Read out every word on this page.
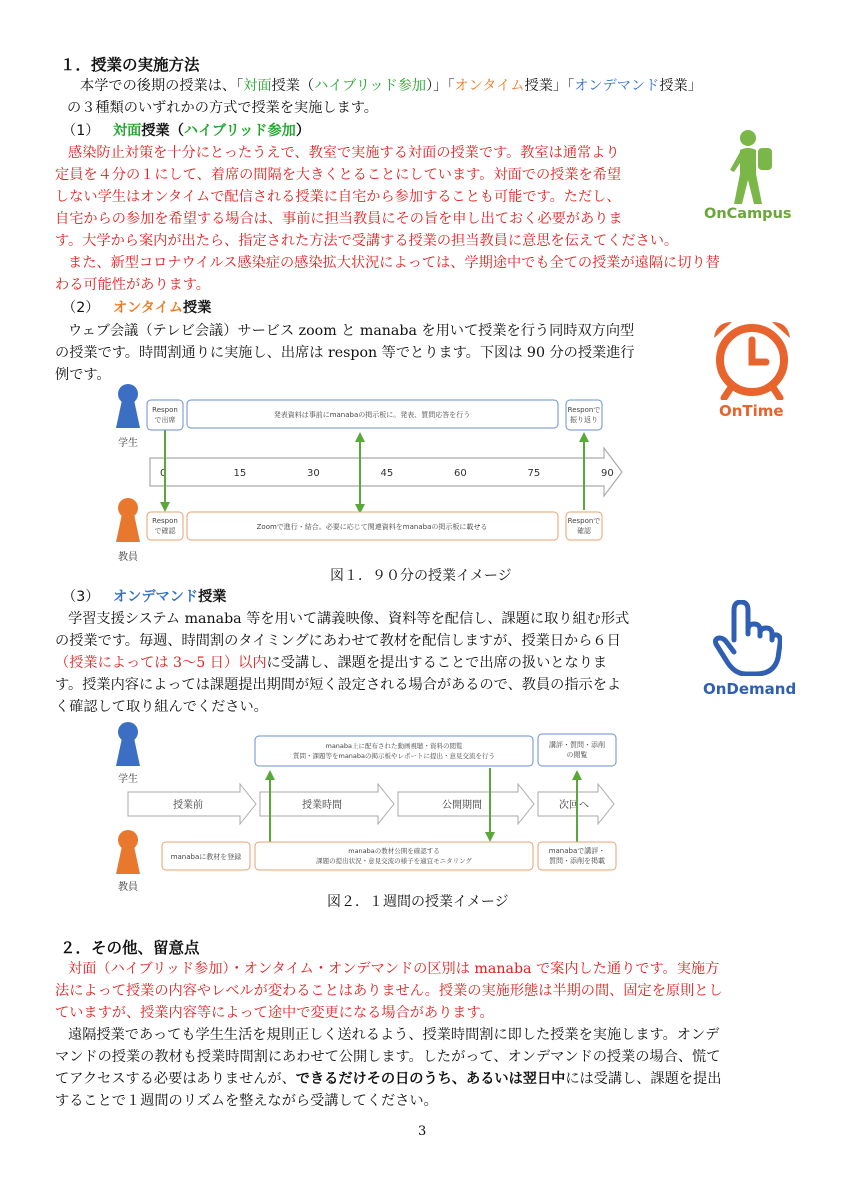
１．授業の実施方法
本学での後期の授業は、「対面授業（ハイブリッド参加）」「オンタイム授業」「オンデマンド授業」
の３種類のいずれかの方式で授業を実施します。
（1） 対面授業（ハイブリッド参加）
感染防止対策を十分にとったうえで、教室で実施する対面の授業です。教室は通常より
定員を４分の１にして、着席の間隔を大きくとることにしています。対面での授業を希望
しない学生はオンタイムで配信される授業に自宅から参加することも可能です。ただし、
自宅からの参加を希望する場合は、事前に担当教員にその旨を申し出ておく必要がありま
す。大学から案内が出たら、指定された方法で受講する授業の担当教員に意思を伝えてください。
また、新型コロナウイルス感染症の感染拡大状況によっては、学期途中でも全ての授業が遠隔に切り替
わる可能性があります。
OnCampus
（2） オンタイム授業
ウェブ会議（テレビ会議）サービス zoom と manaba を用いて授業を行う同時双方向型
の授業です。時間割通りに実施し、出席は respon 等でとります。下図は 90 分の授業進行
例です。
OnTime
学生
Respon
で出席
発表資料は事前にmanabaの掲示板に。発表、質問応答を行う
Responで
振り返り
0	15	30	45	60	75	90
教員
Respon
で確認	Zoomで進行・結合。必要に応じて関連資料をmanabaの掲示板に載せる
Responで
確認
図１．９０分の授業イメージ
（3） オンデマンド授業
学習支援システム manaba 等を用いて講義映像、資料等を配信し、課題に取り組む形式
の授業です。毎週、時間割のタイミングにあわせて教材を配信しますが、授業日から６日
（授業によっては 3～5 日）以内に受講し、課題を提出することで出席の扱いとなりま
す。授業内容によっては課題提出期間が短く設定される場合があるので、教員の指示をよ
く確認して取り組んでください。
OnDemand
学生
manaba上に配布された動画視聴・資料の閲覧
質問・課題等をmanabaの掲示板やレポートに提出・意見交流を行う
講評・質問・添削
の閲覧
授業前	授業時間	公開期間	次回へ
教員
manabaに教材を登録
manabaの教材公開を確認する
課題の提出状況・意見交流の様子を適宜モニタリング
manabaで講評・
質問・添削を掲載
図２．１週間の授業イメージ
２．その他、留意点
対面（ハイブリッド参加）・オンタイム・オンデマンドの区別は manaba で案内した通りです。実施方
法によって授業の内容やレベルが変わることはありません。授業の実施形態は半期の間、固定を原則とし
ていますが、授業内容等によって途中で変更になる場合があります。
遠隔授業であっても学生生活を規則正しく送れるよう、授業時間割に即した授業を実施します。オンデ
マンドの授業の教材も授業時間割にあわせて公開します。したがって、オンデマンドの授業の場合、慌て
てアクセスする必要はありませんが、できるだけその日のうち、あるいは翌日中には受講し、課題を提出
することで１週間のリズムを整えながら受講してください。
3
